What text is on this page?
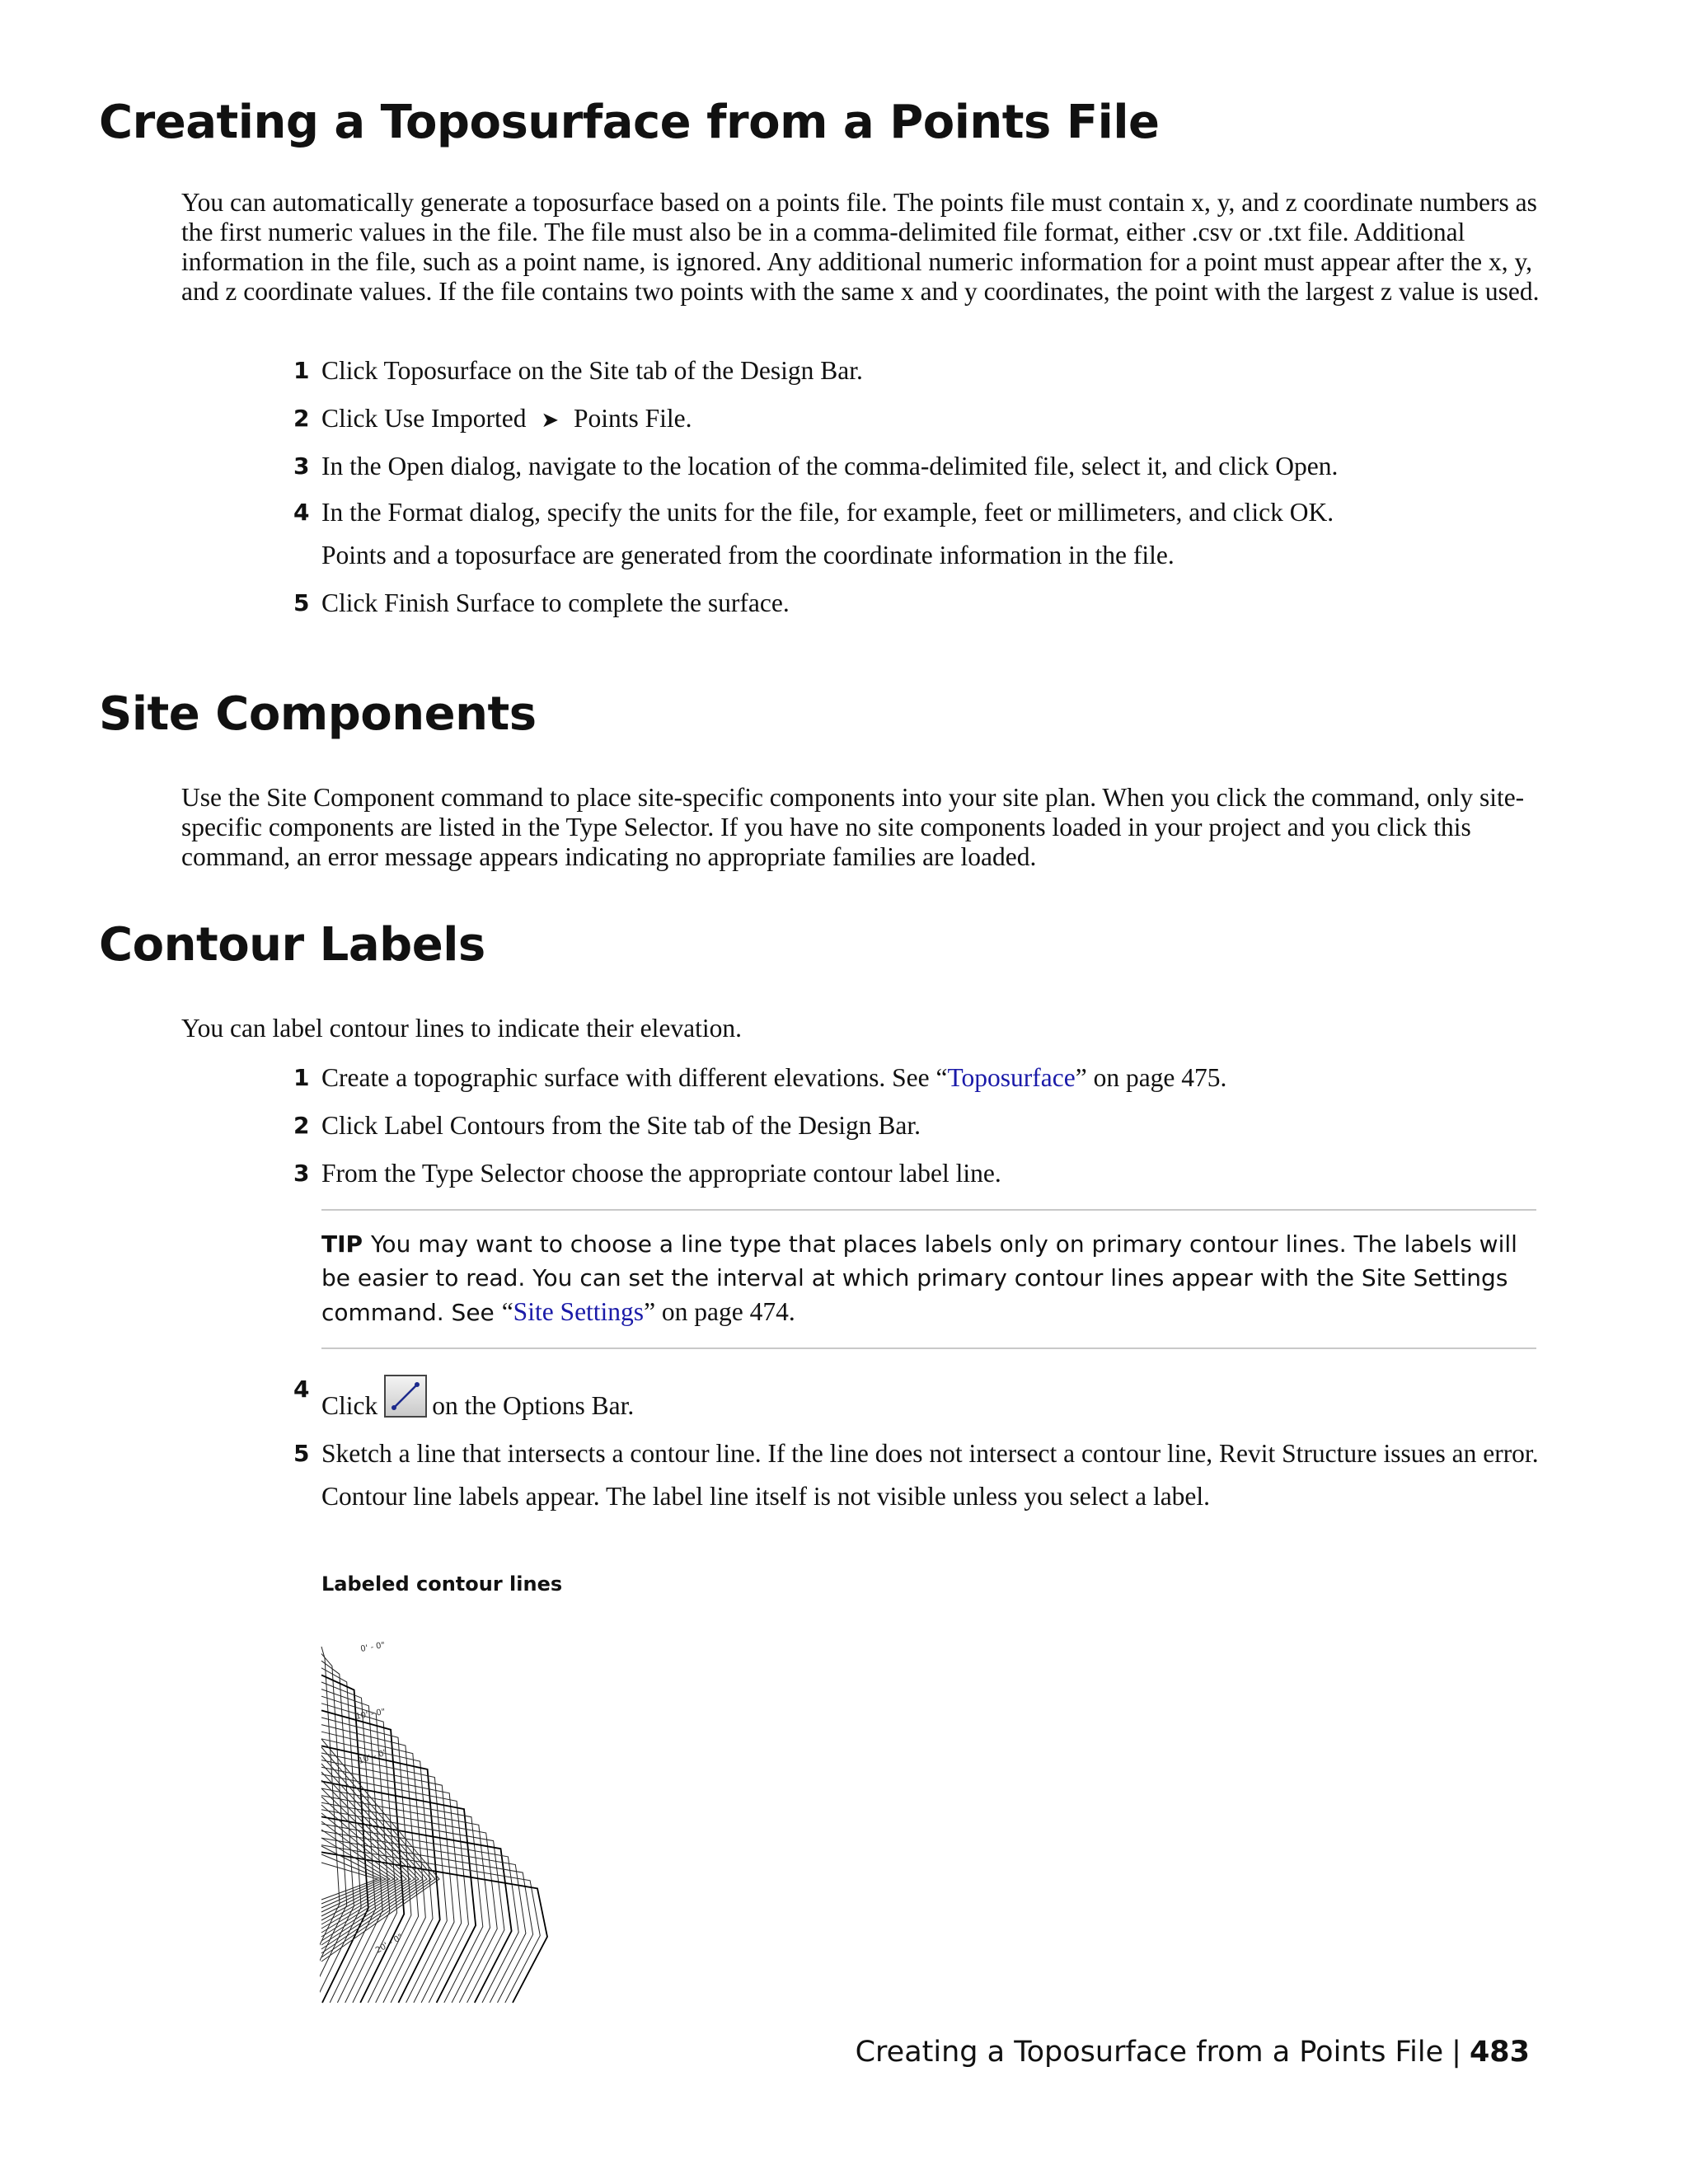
Creating a Toposurface from a Points File

You can automatically generate a toposurface based on a points file. The points file must contain x, y, and z coordinate numbers as the first numeric values in the file. The file must also be in a comma-delimited file format, either .csv or .txt file. Additional information in the file, such as a point name, is ignored. Any additional numeric information for a point must appear after the x, y, and z coordinate values. If the file contains two points with the same x and y coordinates, the point with the largest z value is used.

1 Click Toposurface on the Site tab of the Design Bar.
2 Click Use Imported ➤ Points File.
3 In the Open dialog, navigate to the location of the comma-delimited file, select it, and click Open.
4 In the Format dialog, specify the units for the file, for example, feet or millimeters, and click OK.
Points and a toposurface are generated from the coordinate information in the file.
5 Click Finish Surface to complete the surface.
Site Components

Use the Site Component command to place site-specific components into your site plan. When you click the command, only site-specific components are listed in the Type Selector. If you have no site components loaded in your project and you click this command, an error message appears indicating no appropriate families are loaded.

Contour Labels

You can label contour lines to indicate their elevation.

1 Create a topographic surface with different elevations. See “Toposurface” on page 475.
2 Click Label Contours from the Site tab of the Design Bar.
3 From the Type Selector choose the appropriate contour label line.

TIP You may want to choose a line type that places labels only on primary contour lines. The labels will be easier to read. You can set the interval at which primary contour lines appear with the Site Settings command. See “Site Settings” on page 474.

4
Click on the Options Bar.
5 Sketch a line that intersects a contour line. If the line does not intersect a contour line, Revit Structure issues an error.
Contour line labels appear. The label line itself is not visible unless you select a label.

Labeled contour lines

0' - 0"
10' - 0"
10' - 0"
20' - 0"
Creating a Toposurface from a Points File | 483
